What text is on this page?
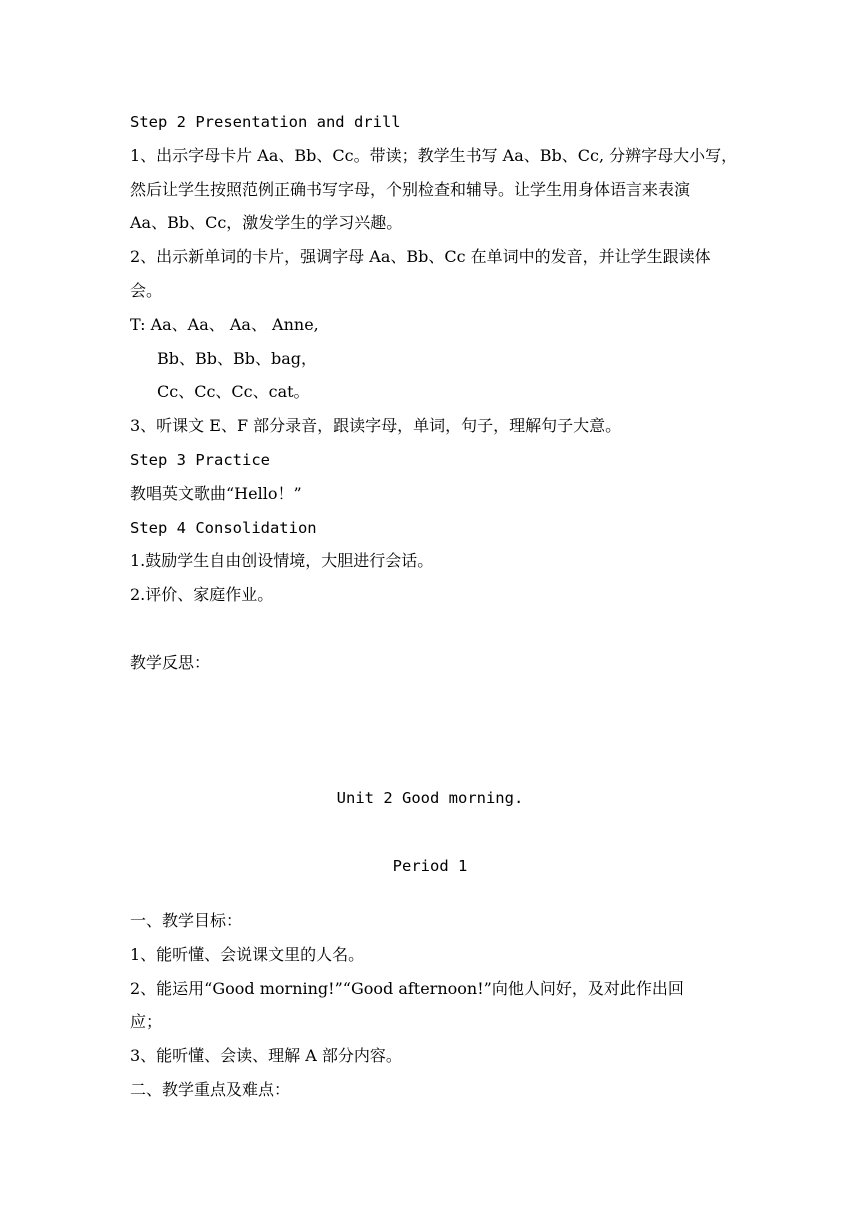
Step 2 Presentation and drill
1、出示字母卡片 Aa、Bb、Cc。带读；教学生书写 Aa、Bb、Cc, 分辨字母大小写，
然后让学生按照范例正确书写字母，个别检查和辅导。让学生用身体语言来表演
Aa、Bb、Cc，激发学生的学习兴趣。
2、出示新单词的卡片，强调字母 Aa、Bb、Cc 在单词中的发音，并让学生跟读体
会。
T: Aa、Aa、 Aa、 Anne,
Bb、Bb、Bb、bag，
Cc、Cc、Cc、cat。
3、听课文 E、F 部分录音，跟读字母，单词，句子，理解句子大意。
Step 3 Practice
教唱英文歌曲“Hello！”
Step 4 Consolidation
1.鼓励学生自由创设情境，大胆进行会话。
2.评价、家庭作业。
教学反思：
Unit 2 Good morning.
Period 1
一、教学目标：
1、能听懂、会说课文里的人名。
2、能运用“Good morning!”“Good afternoon!”向他人问好，及对此作出回
应；
3、能听懂、会读、理解 A 部分内容。
二、教学重点及难点：
